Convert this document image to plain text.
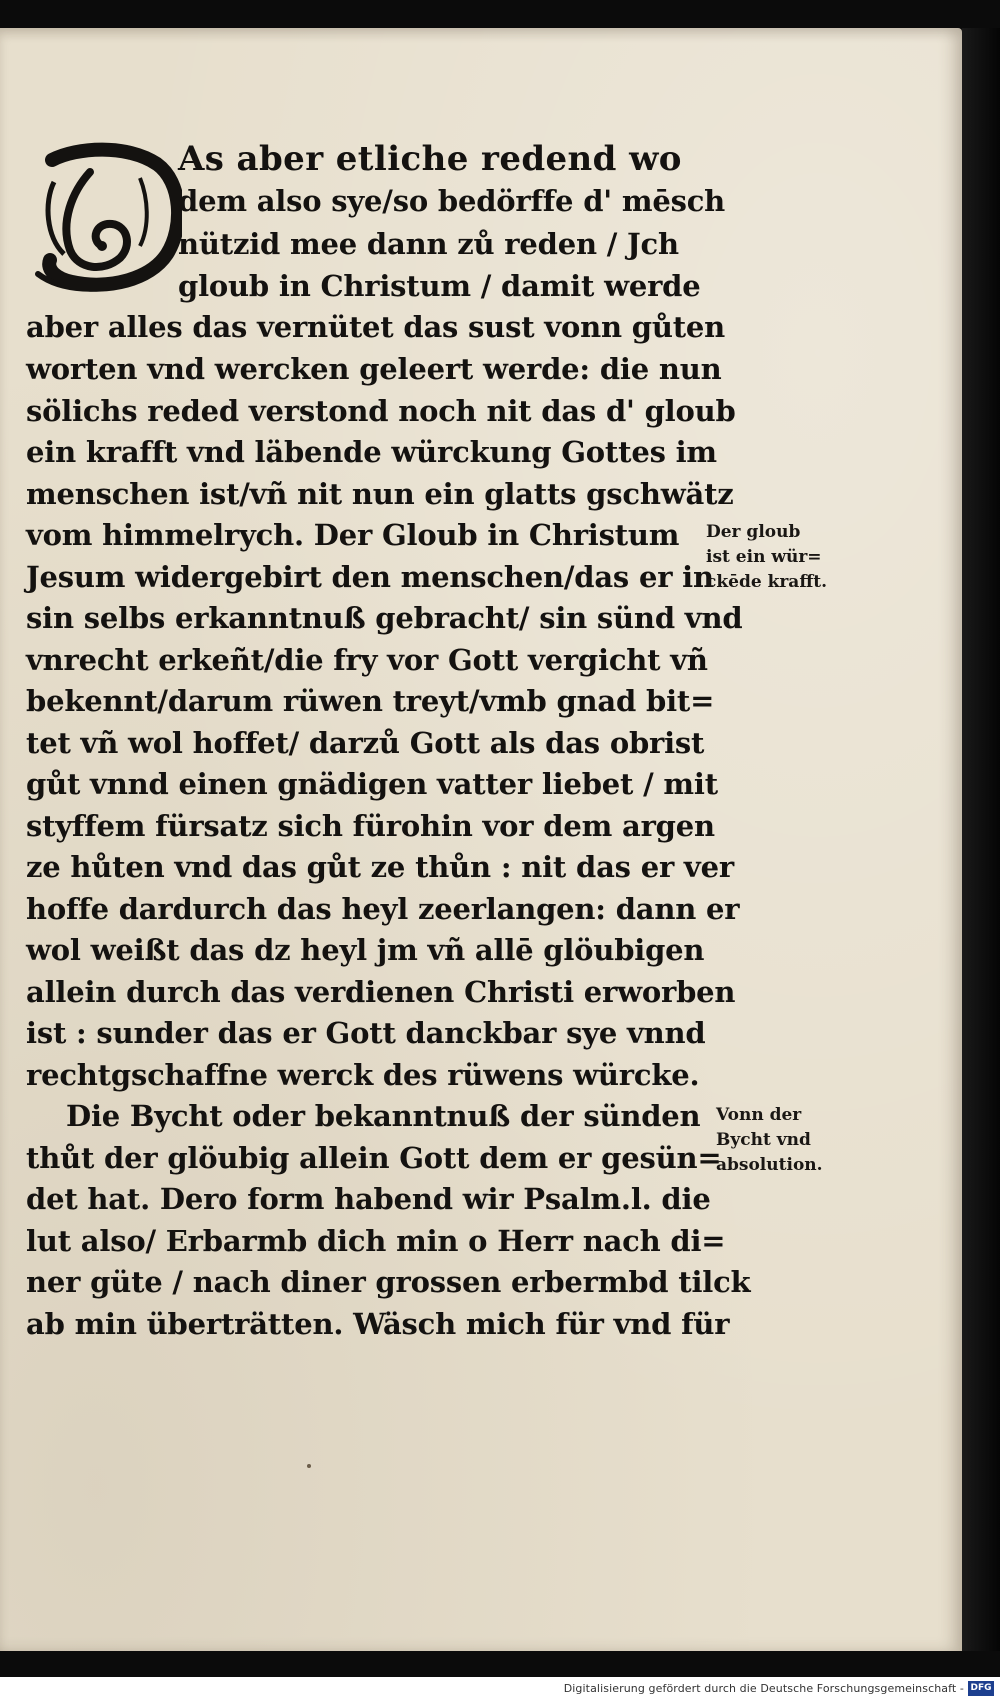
As aber etliche redend wo
dem also sye/so bedörffe d' mēsch
nützid mee dann zů reden / Jch
gloub in Christum / damit werde
aber alles das vernütet das sust vonn gůten
worten vnd wercken geleert werde: die nun
sölichs reded verstond noch nit das d' gloub
ein krafft vnd läbende würckung Gottes im
menschen ist/vñ nit nun ein glatts gschwätz
vom himmelrych. Der Gloub in Christum
Jesum widergebirt den menschen/das er in
sin selbs erkanntnuß gebracht/ sin sünd vnd
vnrecht erkeñt/die fry vor Gott vergicht vñ
bekennt/darum rüwen treyt/vmb gnad bit=
tet vñ wol hoffet/ darzů Gott als das obrist
gůt vnnd einen gnädigen vatter liebet / mit
styffem fürsatz sich fürohin vor dem argen
ze hůten vnd das gůt ze thůn : nit das er ver
hoffe dardurch das heyl zeerlangen: dann er
wol weißt das dz heyl jm vñ allē glöubigen
allein durch das verdienen Christi erworben
ist : sunder das er Gott danckbar sye vnnd
rechtgschaffne werck des rüwens würcke.
Die Bycht oder bekanntnuß der sünden
thůt der glöubig allein Gott dem er gesün=
det hat. Dero form habend wir Psalm.l. die
lut also/ Erbarmb dich min o Herr nach di=
ner güte / nach diner grossen erbermbd tilck
ab min überträtten. Wäsch mich für vnd für
Der gloub
ist ein wür=
ckēde krafft.
Vonn der
Bycht vnd
absolution.
Digitalisierung gefördert durch die Deutsche Forschungsgemeinschaft - DFG
